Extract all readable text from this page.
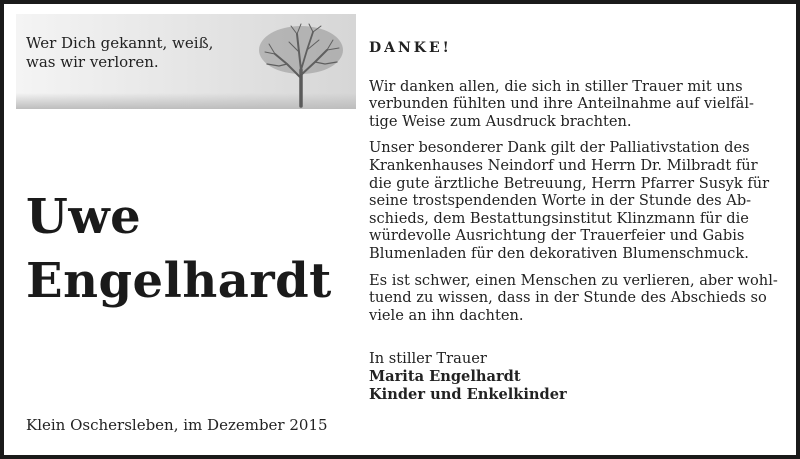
Wer Dich gekannt, weiß,
was wir verloren.
Uwe
Engelhardt
Klein Oschersleben, im Dezember 2015
DANKE!
Wir danken allen, die sich in stiller Trauer mit uns
verbunden fühlten und ihre Anteilnahme auf vielfäl-
tige Weise zum Ausdruck brachten.
Unser besonderer Dank gilt der Palliativstation des
Krankenhauses Neindorf und Herrn Dr. Milbradt für
die gute ärztliche Betreuung, Herrn Pfarrer Susyk für
seine trostspendenden Worte in der Stunde des Ab-
schieds, dem Bestattungsinstitut Klinzmann für die
würdevolle Ausrichtung der Trauerfeier und Gabis
Blumenladen für den dekorativen Blumenschmuck.
Es ist schwer, einen Menschen zu verlieren, aber wohl-
tuend zu wissen, dass in der Stunde des Abschieds so
viele an ihn dachten.
In stiller Trauer
Marita Engelhardt
Kinder und Enkelkinder
